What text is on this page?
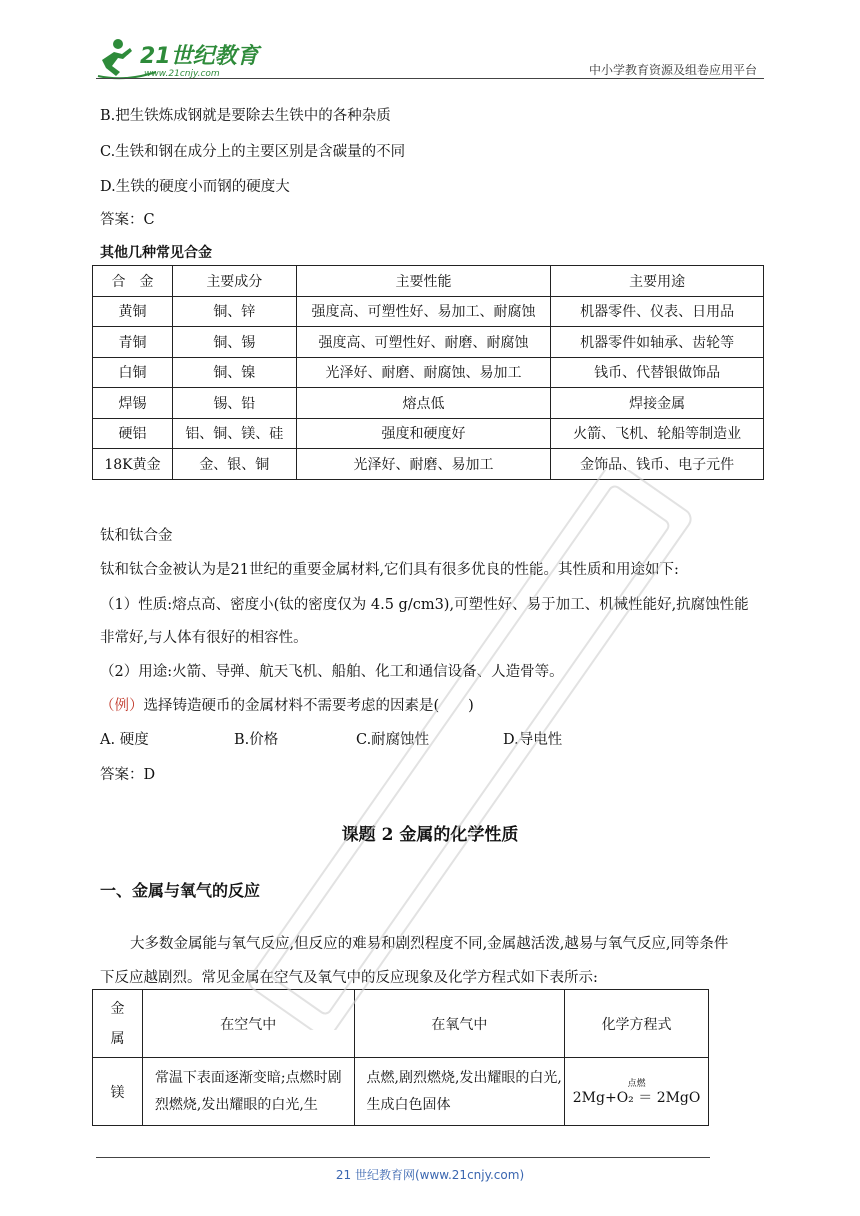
21世纪教育
www.21cnjy.com	中小学教育资源及组卷应用平台
B.把生铁炼成钢就是要除去生铁中的各种杂质
C.生铁和钢在成分上的主要区别是含碳量的不同
D.生铁的硬度小而钢的硬度大
答案：C
其他几种常见合金
合　金	主要成分	主要性能	主要用途
黄铜	铜、锌	强度高、可塑性好、易加工、耐腐蚀	机器零件、仪表、日用品
青铜	铜、锡	强度高、可塑性好、耐磨、耐腐蚀	机器零件如轴承、齿轮等
白铜	铜、镍	光泽好、耐磨、耐腐蚀、易加工	钱币、代替银做饰品
焊锡	锡、铅	熔点低	焊接金属
硬铝	铝、铜、镁、硅	强度和硬度好	火箭、飞机、轮船等制造业
18K黄金	金、银、铜	光泽好、耐磨、易加工	金饰品、钱币、电子元件
钛和钛合金
钛和钛合金被认为是21世纪的重要金属材料,它们具有很多优良的性能。其性质和用途如下:
（1）性质:熔点高、密度小(钛的密度仅为 4.5 g/cm3),可塑性好、易于加工、机械性能好,抗腐蚀性能
非常好,与人体有很好的相容性。
（2）用途:火箭、导弹、航天飞机、船舶、化工和通信设备、人造骨等。
（例）选择铸造硬币的金属材料不需要考虑的因素是(　　)
A. 硬度	B.价格	C.耐腐蚀性	D.导电性
答案：D
课题 2 金属的化学性质
一、金属与氧气的反应
大多数金属能与氧气反应,但反应的难易和剧烈程度不同,金属越活泼,越易与氧气反应,同等条件
下反应越剧烈。常见金属在空气及氧气中的反应现象及化学方程式如下表所示:
金属	在空气中	在氧气中	化学方程式
镁	常温下表面逐渐变暗;点燃时剧烈燃烧,发出耀眼的白光,生	点燃,剧烈燃烧,发出耀眼的白光,生成白色固体	点燃
2Mg+O₂ ＝ 2MgO
21 世纪教育网(www.21cnjy.com)
